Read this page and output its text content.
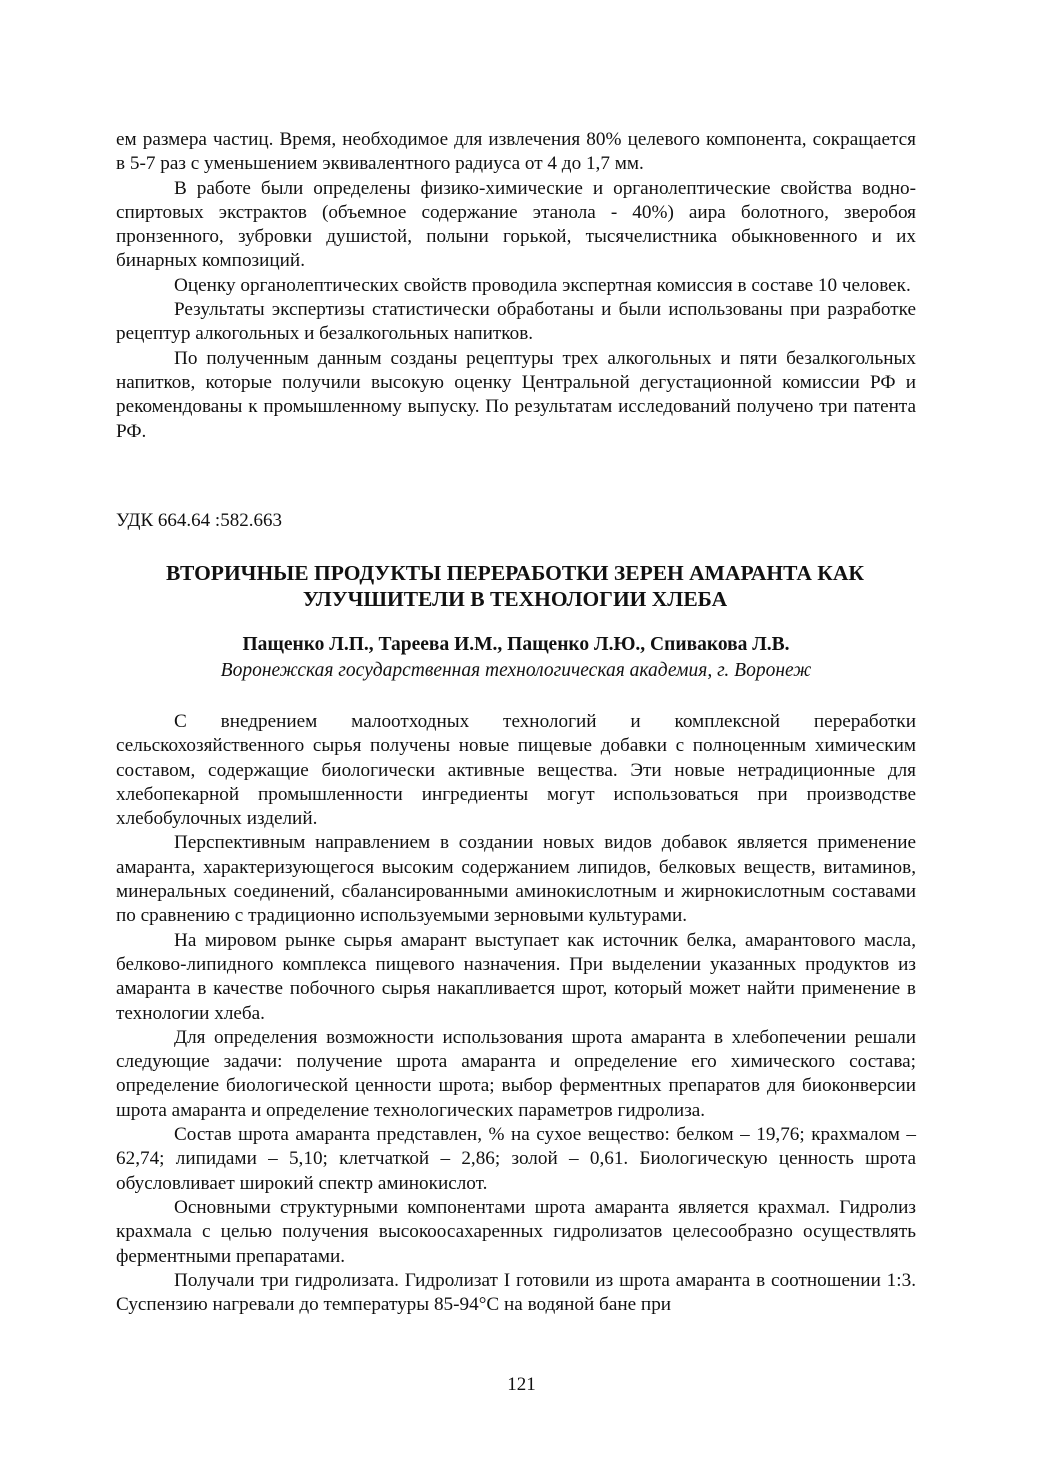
ем размера частиц. Время, необходимое для извлечения 80% целевого компонента, сокращается в 5-7 раз с уменьшением эквивалентного радиуса от 4 до 1,7 мм.

В работе были определены физико-химические и органолептические свойства водно-спиртовых экстрактов (объемное содержание этанола - 40%) аира болотного, зверобоя пронзенного, зубровки душистой, полыни горькой, тысячелистника обыкновенного и их бинарных композиций.

Оценку органолептических свойств проводила экспертная комиссия в составе 10 человек.

Результаты экспертизы статистически обработаны и были использованы при разработке рецептур алкогольных и безалкогольных напитков.

По полученным данным созданы рецептуры трех алкогольных и пяти безалкогольных напитков, которые получили высокую оценку Центральной дегустационной комиссии РФ и рекомендованы к промышленному выпуску. По результатам исследований получено три патента РФ.

УДК 664.64 :582.663
ВТОРИЧНЫЕ ПРОДУКТЫ ПЕРЕРАБОТКИ ЗЕРЕН АМАРАНТА КАК
УЛУЧШИТЕЛИ В ТЕХНОЛОГИИ ХЛЕБА
Пащенко Л.П., Тареева И.М., Пащенко Л.Ю., Спивакова Л.В.
Воронежская государственная технологическая академия, г. Воронеж

С внедрением малоотходных технологий и комплексной переработки сельскохозяйственного сырья получены новые пищевые добавки с полноценным химическим составом, содержащие биологически активные вещества. Эти новые нетрадиционные для хлебопекарной промышленности ингредиенты могут использоваться при производстве хлебобулочных изделий.

Перспективным направлением в создании новых видов добавок является применение амаранта, характеризующегося высоким содержанием липидов, белковых веществ, витаминов, минеральных соединений, сбалансированными аминокислотным и жирнокислотным составами по сравнению с традиционно используемыми зерновыми культурами.

На мировом рынке сырья амарант выступает как источник белка, амарантового масла, белково-липидного комплекса пищевого назначения. При выделении указанных продуктов из амаранта в качестве побочного сырья накапливается шрот, который может найти применение в технологии хлеба.

Для определения возможности использования шрота амаранта в хлебопечении решали следующие задачи: получение шрота амаранта и определение его химического состава; определение биологической ценности шрота; выбор ферментных препаратов для биоконверсии шрота амаранта и определение технологических параметров гидролиза.

Состав шрота амаранта представлен, % на сухое вещество: белком – 19,76; крахмалом – 62,74; липидами – 5,10; клетчаткой – 2,86; золой – 0,61. Биологическую ценность шрота обусловливает широкий спектр аминокислот.

Основными структурными компонентами шрота амаранта является крахмал. Гидролиз крахмала с целью получения высокоосахаренных гидролизатов целесообразно осуществлять ферментными препаратами.

Получали три гидролизата. Гидролизат I готовили из шрота амаранта в соотношении 1:3. Суспензию нагревали до температуры 85-94°С на водяной бане при

121
